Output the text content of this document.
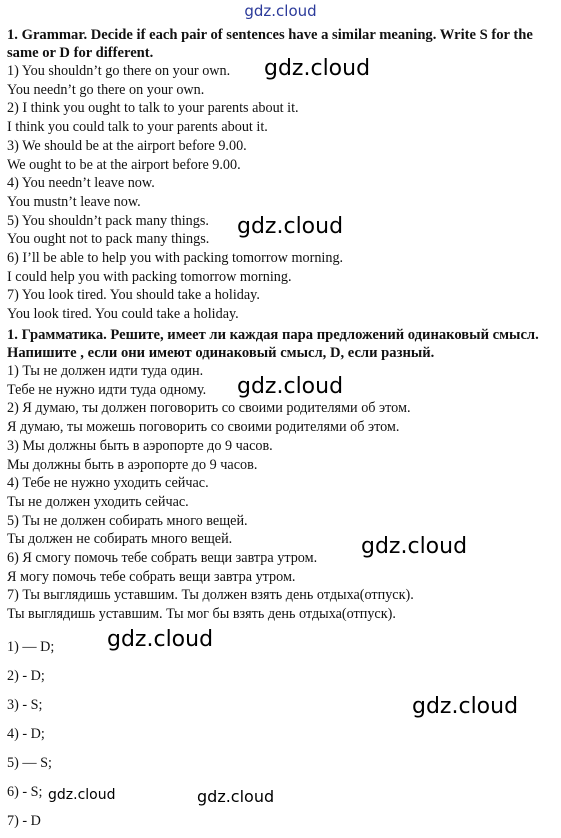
gdz.cloud
1. Grammar. Decide if each pair of sentences have a similar meaning. Write S for the same or D for different.
1) You shouldn’t go there on your own.
You needn’t go there on your own.
2) I think you ought to talk to your parents about it.
I think you could talk to your parents about it.
3) We should be at the airport before 9.00.
We ought to be at the airport before 9.00.
4) You needn’t leave now.
You mustn’t leave now.
5) You shouldn’t pack many things.
You ought not to pack many things.
6) I’ll be able to help you with packing tomorrow morning.
I could help you with packing tomorrow morning.
7) You look tired. You should take a holiday.
You look tired. You could take a holiday.
1. Грамматика. Решите, имеет ли каждая пара предложений одинаковый смысл. Напишите , если они имеют одинаковый смысл, D, если разный.
1) Ты не должен идти туда один.
Тебе не нужно идти туда одному.
2) Я думаю, ты должен поговорить со своими родителями об этом.
Я думаю, ты можешь поговорить со своими родителями об этом.
3) Мы должны быть в аэропорте до 9 часов.
Мы должны быть в аэропорте до 9 часов.
4) Тебе не нужно уходить сейчас.
Ты не должен уходить сейчас.
5) Ты не должен собирать много вещей.
Ты должен не собирать много вещей.
6) Я смогу помочь тебе собрать вещи завтра утром.
Я могу помочь тебе собрать вещи завтра утром.
7) Ты выглядишь уставшим. Ты должен взять день отдыха(отпуск).
Ты выглядишь уставшим. Ты мог бы взять день отдыха(отпуск).
1) — D;
2) - D;
3) - S;
4) - D;
5) — S;
6) - S;
7) - D
gdz.cloud
gdz.cloud
gdz.cloud
gdz.cloud
gdz.cloud
gdz.cloud
gdz.cloud	gdz.cloud
